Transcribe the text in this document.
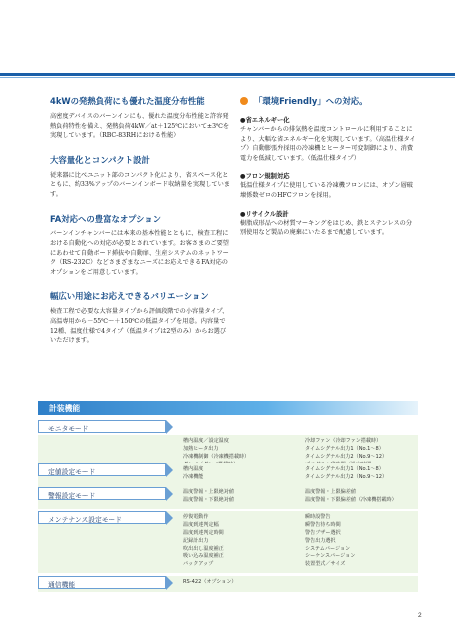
4kWの発熱負荷にも優れた温度分布性能
高密度デバイスのバーンインにも、優れた温度分布性能と許容発熱負荷特性を備え、発熱負荷4kW／at＋125℃において±3℃を実現しています。（RBC-83RHにおける性能）
大容量化とコンパクト設計
従来器に比べユニット部のコンパクト化により、省スペース化とともに、約33%アップのバーンインボード収納量を実現しています。
FA対応への豊富なオプション
バーンインチャンバーには本来の基本性能とともに、検査工程における自動化への対応が必要とされています。お客さまのご要望にあわせて自動ボード挿抜や自動扉、生産システムのネットワーク（RS-232C）などさまざまなニーズにお応えできるFA対応のオプションをご用意しています。
幅広い用途にお応えできるバリエーション
検査工程で必要な大容量タイプから評価段階での小容量タイプ、高温専用から－55℃～＋150℃の低温タイプを用意。内容量で12種、温度仕様で4タイプ（低温タイプは2型のみ）からお選びいただけます。
「環境Friendly」への対応。
●省エネルギー化
チャンバーからの排気熱を温度コントロールに利用することにより、大幅な省エネルギー化を実現しています。（高温仕様タイプ）自動膨張弁採用の冷凍機とヒーター可変制御により、消費電力を低減しています。（低温仕様タイプ）
●フロン規制対応
低温仕様タイプに使用している冷凍機フロンには、オゾン層破壊係数ゼロのHFCフロンを採用。
●リサイクル設計
樹脂成形品への材質マーキングをはじめ、鉄とステンレスの分別使用など製品の廃棄にいたるまで配慮しています。
計装機能
槽内温度／設定温度
加熱ヒータ出力
冷凍機制御（冷凍機搭載時）
冷却ファン（冷却ファン搭載時）
タイムシグナル出力1（No.1～8）
タイムシグナル出力2（No.9～12）
モニタモード
槽内温度
冷凍機能
タイムシグナル出力1（No.1～8）
タイムシグナル出力2（No.9～12）
定値設定モード
温度警報・上限絶対値
温度警報・下限絶対値
温度警報・上限偏差値
温度警報・下限偏差値（冷凍機搭載時）
警報設定モード
停復電動作
温度到達判定幅
温度到達判定時間
記録計出力
吹出出し温度補正
吸い込み温度補正
バックアップ
瞬時設警告
瞬警告待ち時間
警告ブザー選択
警告出力選択
システムバージョン
シーケンスバージョン
装置型式／サイズ
メンテナンス設定モード
RS-422（オプション）
通信機能
2
